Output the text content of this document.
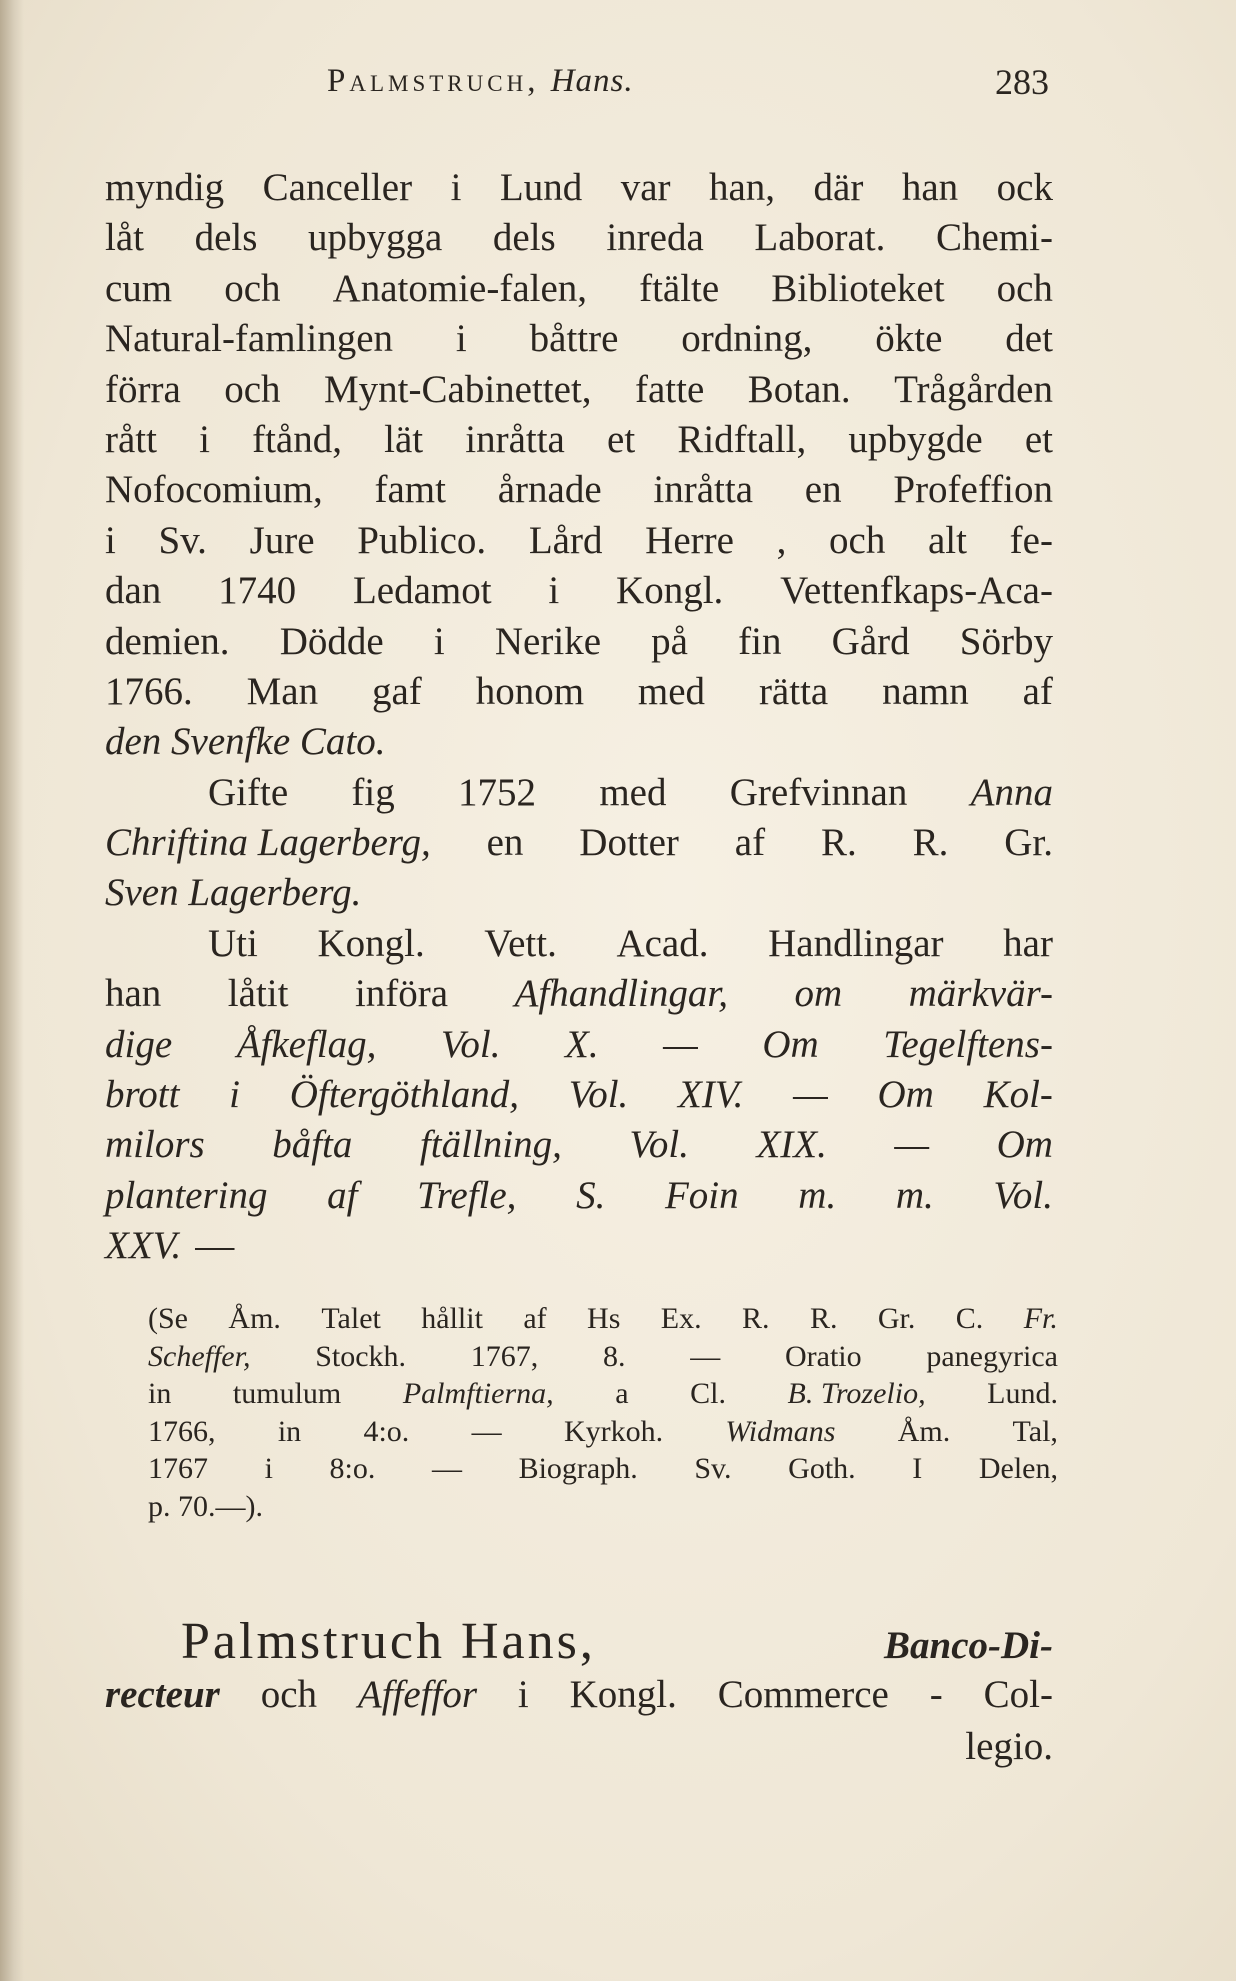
Palmstruch, Hans.	283
myndig Canceller i Lund var han, där han ock
låt dels upbygga dels inreda Laborat. Chemi-
cum och Anatomie-falen, ftälte Biblioteket och
Natural-famlingen i båttre ordning, ökte det
förra och Mynt-Cabinettet, fatte Botan. Trågården
rått i ftånd, lät inråtta et Ridftall, upbygde et
Nofocomium, famt årnade inråtta en Profeffion
i Sv. Jure Publico. Lård Herre , och alt fe-
dan 1740 Ledamot i Kongl. Vettenfkaps-Aca-
demien. Dödde i Nerike på fin Gård Sörby
1766. Man gaf honom med rätta namn af
den Svenfke Cato.
Gifte fig 1752 med Grefvinnan Anna
Chriftina Lagerberg, en Dotter af R. R. Gr.
Sven Lagerberg.
Uti Kongl. Vett. Acad. Handlingar har
han låtit införa Afhandlingar, om märkvär-
dige Åfkeflag, Vol. X. — Om Tegelftens-
brott i Öftergöthland, Vol. XIV. — Om Kol-
milors båfta ftällning, Vol. XIX. — Om
plantering af Trefle, S. Foin m. m. Vol.
XXV. —
(Se Åm. Talet hållit af Hs Ex. R. R. Gr. C. Fr.
Scheffer, Stockh. 1767, 8. — Oratio panegyrica
in tumulum Palmftierna, a Cl. B. Trozelio, Lund.
1766, in 4:o. — Kyrkoh. Widmans Åm. Tal,
1767 i 8:o. — Biograph. Sv. Goth. I Delen,
p. 70.—).
Palmstruch Hans,	Banco-Di-
rectеur och Affeffor i Kongl. Commerce - Col-
legio.
